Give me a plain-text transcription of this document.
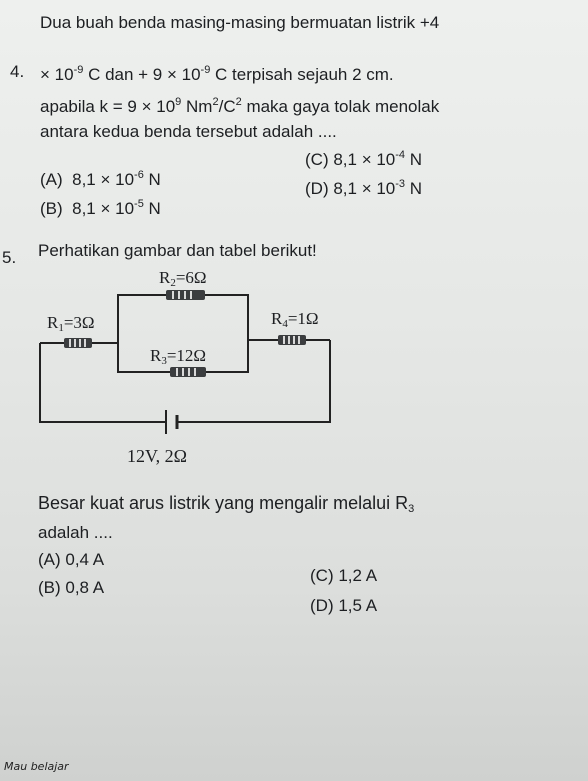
4.
Dua buah benda masing-masing bermuatan listrik +4
× $10^{-9}$ C dan + $9 \times 10^{-9}$ C terpisah sejauh 2 cm.
apabila $k = 9 \times 10^9$ $Nm^2/C^2$ maka gaya tolak menolak
antara kedua benda tersebut adalah ....
(A) $8,1 \times 10^{-6}$ N
(B) $8,1 \times 10^{-5}$ N
(C) $8,1 \times 10^{-4}$ N
(D) $8,1 \times 10^{-3}$ N
5. Perhatikan gambar dan tabel berikut!
R2=6Ω
R1=3Ω	R4=1Ω
R3=12Ω
12V, 2Ω
Besar kuat arus listrik yang mengalir melalui R3
adalah ....
(A) 0,4 A
(B) 0,8 A
(C) 1,2 A
(D) 1,5 A
Mau belajar
